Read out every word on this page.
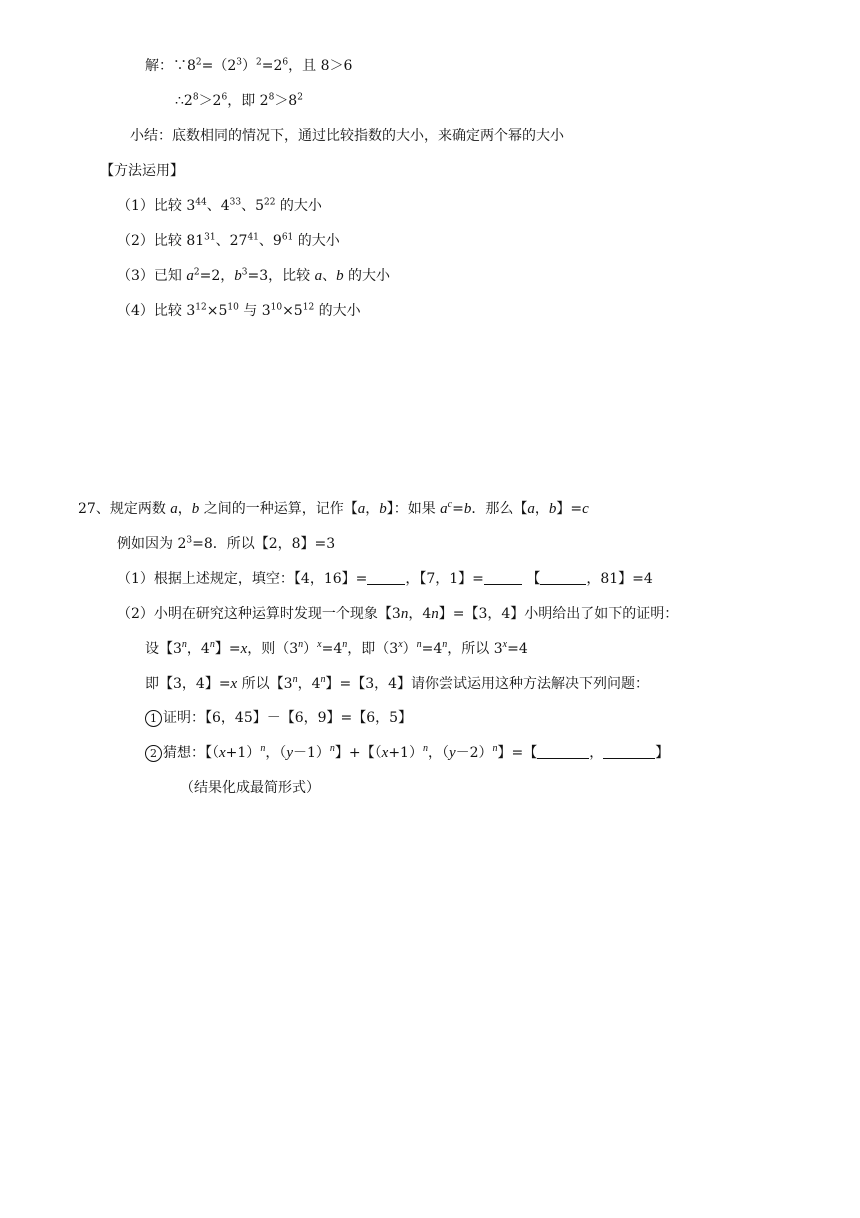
解：$\because 8^2=(2^3)^2=2^6$，且 8＞6
$\therefore 2^8>2^6$，即 $2^8>8^2$
小结：底数相同的情况下，通过比较指数的大小，来确定两个幂的大小
【方法运用】
（1）比较 $3^{44}$、$4^{33}$、$5^{22}$ 的大小
（2）比较 $81^{31}$、$27^{41}$、$9^{61}$ 的大小
（3）已知 $a^2=2$，$b^3=3$，比较 a、b 的大小
（4）比较 $3^{12}\times 5^{10}$ 与 $3^{10}\times 5^{12}$ 的大小
27、规定两数 a，b 之间的一种运算，记作【a，b】：如果 $a^c=b$．那么【a，b】=c
例如因为 $2^3=8$．所以【2，8】=3
（1）根据上述规定，填空：【4，16】=	，【7，1】=	【	，81】=4
（2）小明在研究这种运算时发现一个现象【3n，4n】=【3，4】小明给出了如下的证明：
设【3$^n$，$4^n$】=x，则$(3^n)^x=4^n$，即$(3^x)^n=4^n$，所以 $3^x=4$
即【3，4】=x 所以【3$^n$，$4^n$】=【3，4】请你尝试运用这种方法解决下列问题：
1 证明：【6，45】－【6，9】=【6，5】
2 猜想：【$(x+1)^n$，$(y-1)^n$】+【$(x+1)^n$，$(y-2)^n$】=【	，	】
（结果化成最简形式）
